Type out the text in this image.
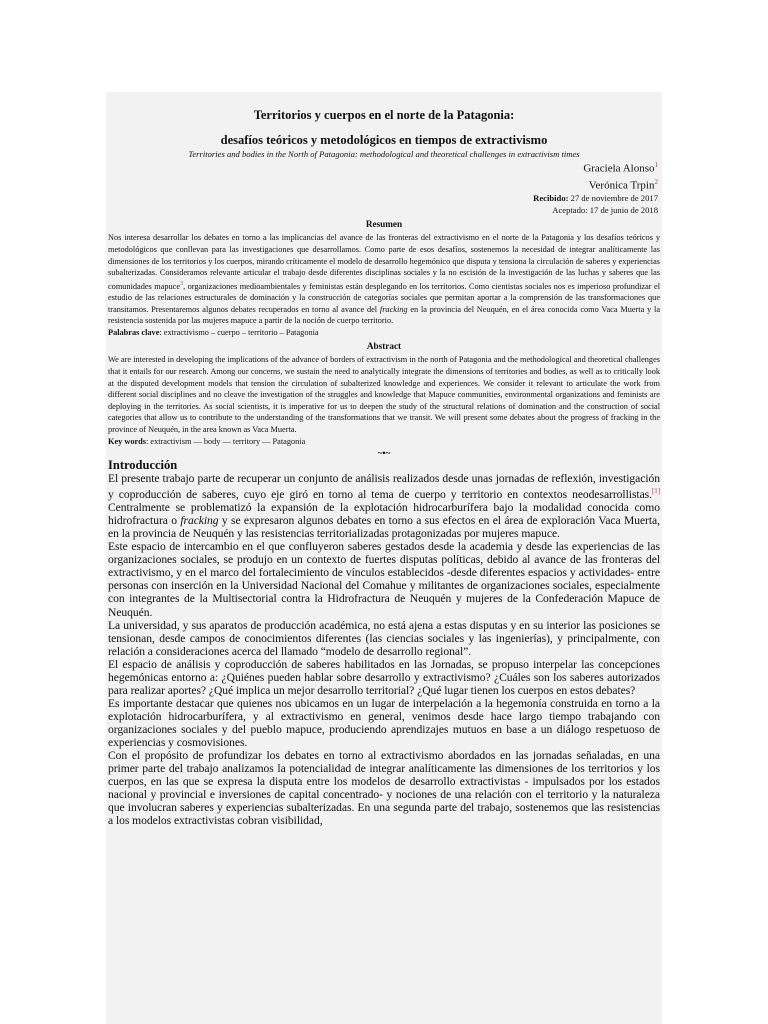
Territorios y cuerpos en el norte de la Patagonia:

desafíos teóricos y metodológicos en tiempos de extractivismo

Territories and bodies in the North of Patagonia: methodological and theoretical challenges in extractivism times

Graciela Alonso$^1$

Verónica Trpin$^2$

Recibido: 27 de noviembre de 2017

Aceptado: 17 de junio de 2018

Resumen

Nos interesa desarrollar los debates en torno a las implicancias del avance de las fronteras del extractivismo en el norte de la Patagonia y los desafíos teóricos y metodológicos que conllevan para las investigaciones que desarrollamos. Como parte de esos desafíos, sostenemos la necesidad de integrar analíticamente las dimensiones de los territorios y los cuerpos, mirando críticamente el modelo de desarrollo hegemónico que disputa y tensiona la circulación de saberes y experiencias subalterizadas. Consideramos relevante articular el trabajo desde diferentes disciplinas sociales y la no escisión de la investigación de las luchas y saberes que las comunidades mapuce$^3$, organizaciones medioambientales y feministas están desplegando en los territorios. Como cientistas sociales nos es imperioso profundizar el estudio de las relaciones estructurales de dominación y la construcción de categorías sociales que permitan aportar a la comprensión de las transformaciones que transitamos. Presentaremos algunos debates recuperados en torno al avance del fracking en la provincia del Neuquén, en el área conocida como Vaca Muerta y la resistencia sostenida por las mujeres mapuce a partir de la noción de cuerpo territorio.

Palabras clave: extractivismo – cuerpo – territorio – Patagonia

Abstract

We are interested in developing the implications of the advance of borders of extractivism in the north of Patagonia and the methodological and theoretical challenges that it entails for our research. Among our concerns, we sustain the need to analytically integrate the dimensions of territories and bodies, as well as to critically look at the disputed development models that tension the circulation of subalterized knowledge and experiences. We consider it relevant to articulate the work from different social disciplines and no cleave the investigation of the struggles and knowledge that Mapuce communities, environmental organizations and feminists are deploying in the territories. As social scientists, it is imperative for us to deepen the study of the structural relations of domination and the construction of social categories that allow us to contribute to the understanding of the transformations that we transit. We will present some debates about the progress of fracking in the province of Neuquén, in the area known as Vaca Muerta.

Key words: extractivism — body — territory — Patagonia

~•~

Introducción

El presente trabajo parte de recuperar un conjunto de análisis realizados desde unas jornadas de reflexión, investigación y coproducción de saberes, cuyo eje giró en torno al tema de cuerpo y territorio en contextos neodesarrollistas.[1] Centralmente se problematizó la expansión de la explotación hidrocarburífera bajo la modalidad conocida como hidrofractura o fracking y se expresaron algunos debates en torno a sus efectos en el área de exploración Vaca Muerta, en la provincia de Neuquén y las resistencias territorializadas protagonizadas por mujeres mapuce.

Este espacio de intercambio en el que confluyeron saberes gestados desde la academia y desde las experiencias de las organizaciones sociales, se produjo en un contexto de fuertes disputas políticas, debido al avance de las fronteras del extractivismo, y en el marco del fortalecimiento de vínculos establecidos -desde diferentes espacios y actividades- entre personas con inserción en la Universidad Nacional del Comahue y militantes de organizaciones sociales, especialmente con integrantes de la Multisectorial contra la Hidrofractura de Neuquén y mujeres de la Confederación Mapuce de Neuquén.

La universidad, y sus aparatos de producción académica, no está ajena a estas disputas y en su interior las posiciones se tensionan, desde campos de conocimientos diferentes (las ciencias sociales y las ingenierías), y principalmente, con relación a consideraciones acerca del llamado “modelo de desarrollo regional”.

El espacio de análisis y coproducción de saberes habilitados en las Jornadas, se propuso interpelar las concepciones hegemónicas entorno a: ¿Quiénes pueden hablar sobre desarrollo y extractivismo? ¿Cuáles son los saberes autorizados para realizar aportes? ¿Qué implica un mejor desarrollo territorial? ¿Qué lugar tienen los cuerpos en estos debates?

Es importante destacar que quienes nos ubicamos en un lugar de interpelación a la hegemonía construida en torno a la explotación hidrocarburífera, y al extractivismo en general, venimos desde hace largo tiempo trabajando con organizaciones sociales y del pueblo mapuce, produciendo aprendizajes mutuos en base a un diálogo respetuoso de experiencias y cosmovisiones.

Con el propósito de profundizar los debates en torno al extractivismo abordados en las jornadas señaladas, en una primer parte del trabajo analizamos la potencialidad de integrar analíticamente las dimensiones de los territorios y los cuerpos, en las que se expresa la disputa entre los modelos de desarrollo extractivistas - impulsados por los estados nacional y provincial e inversiones de capital concentrado- y nociones de una relación con el territorio y la naturaleza que involucran saberes y experiencias subalterizadas. En una segunda parte del trabajo, sostenemos que las resistencias a los modelos extractivistas cobran visibilidad,
